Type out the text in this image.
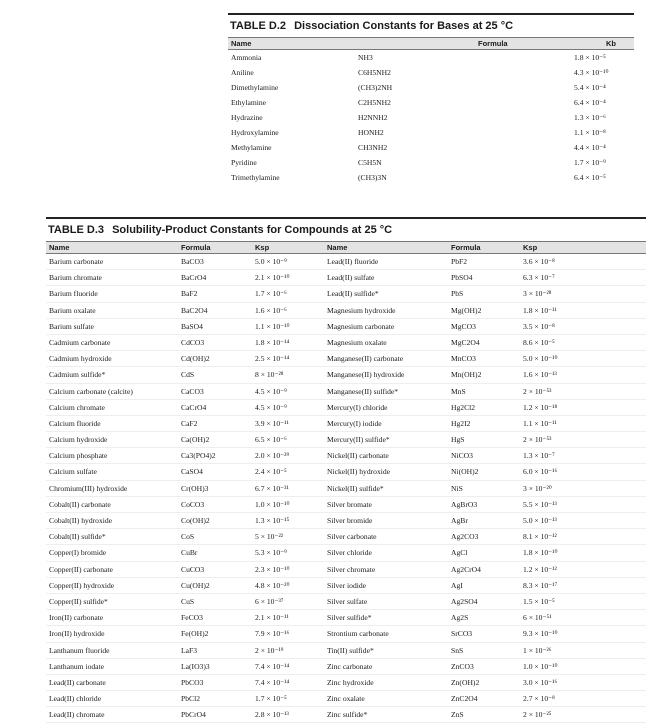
TABLE D.2 Dissociation Constants for Bases at 25 °C
Name	Formula	Kb
Ammonia	NH3	1.8 × 10⁻⁵
Aniline	C6H5NH2	4.3 × 10⁻¹⁰
Dimethylamine	(CH3)2NH	5.4 × 10⁻⁴
Ethylamine	C2H5NH2	6.4 × 10⁻⁴
Hydrazine	H2NNH2	1.3 × 10⁻⁶
Hydroxylamine	HONH2	1.1 × 10⁻⁸
Methylamine	CH3NH2	4.4 × 10⁻⁴
Pyridine	C5H5N	1.7 × 10⁻⁹
Trimethylamine	(CH3)3N	6.4 × 10⁻⁵
TABLE D.3 Solubility-Product Constants for Compounds at 25 °C
Name	Formula	Ksp	Name	Formula	Ksp
Barium carbonate	BaCO3	5.0 × 10⁻⁹	Lead(II) fluoride	PbF2	3.6 × 10⁻⁸
Barium chromate	BaCrO4	2.1 × 10⁻¹⁰	Lead(II) sulfate	PbSO4	6.3 × 10⁻⁷
Barium fluoride	BaF2	1.7 × 10⁻⁶	Lead(II) sulfide*	PbS	3 × 10⁻²⁸
Barium oxalate	BaC2O4	1.6 × 10⁻⁶	Magnesium hydroxide	Mg(OH)2	1.8 × 10⁻¹¹
Barium sulfate	BaSO4	1.1 × 10⁻¹⁰	Magnesium carbonate	MgCO3	3.5 × 10⁻⁸
Cadmium carbonate	CdCO3	1.8 × 10⁻¹⁴	Magnesium oxalate	MgC2O4	8.6 × 10⁻⁵
Cadmium hydroxide	Cd(OH)2	2.5 × 10⁻¹⁴	Manganese(II) carbonate	MnCO3	5.0 × 10⁻¹⁰
Cadmium sulfide*	CdS	8 × 10⁻²⁸	Manganese(II) hydroxide	Mn(OH)2	1.6 × 10⁻¹³
Calcium carbonate (calcite)	CaCO3	4.5 × 10⁻⁹	Manganese(II) sulfide*	MnS	2 × 10⁻⁵³
Calcium chromate	CaCrO4	4.5 × 10⁻⁹	Mercury(I) chloride	Hg2Cl2	1.2 × 10⁻¹⁸
Calcium fluoride	CaF2	3.9 × 10⁻¹¹	Mercury(I) iodide	Hg2I2	1.1 × 10⁻¹¹
Calcium hydroxide	Ca(OH)2	6.5 × 10⁻⁶	Mercury(II) sulfide*	HgS	2 × 10⁻⁵³
Calcium phosphate	Ca3(PO4)2	2.0 × 10⁻²⁹	Nickel(II) carbonate	NiCO3	1.3 × 10⁻⁷
Calcium sulfate	CaSO4	2.4 × 10⁻⁵	Nickel(II) hydroxide	Ni(OH)2	6.0 × 10⁻¹⁶
Chromium(III) hydroxide	Cr(OH)3	6.7 × 10⁻³¹	Nickel(II) sulfide*	NiS	3 × 10⁻²⁰
Cobalt(II) carbonate	CoCO3	1.0 × 10⁻¹⁰	Silver bromate	AgBrO3	5.5 × 10⁻¹³
Cobalt(II) hydroxide	Co(OH)2	1.3 × 10⁻¹⁵	Silver bromide	AgBr	5.0 × 10⁻¹³
Cobalt(II) sulfide*	CoS	5 × 10⁻²²	Silver carbonate	Ag2CO3	8.1 × 10⁻¹²
Copper(I) bromide	CuBr	5.3 × 10⁻⁹	Silver chloride	AgCl	1.8 × 10⁻¹⁰
Copper(II) carbonate	CuCO3	2.3 × 10⁻¹⁰	Silver chromate	Ag2CrO4	1.2 × 10⁻¹²
Copper(II) hydroxide	Cu(OH)2	4.8 × 10⁻²⁰	Silver iodide	AgI	8.3 × 10⁻¹⁷
Copper(II) sulfide*	CuS	6 × 10⁻³⁷	Silver sulfate	Ag2SO4	1.5 × 10⁻⁵
Iron(II) carbonate	FeCO3	2.1 × 10⁻¹¹	Silver sulfide*	Ag2S	6 × 10⁻⁵¹
Iron(II) hydroxide	Fe(OH)2	7.9 × 10⁻¹⁶	Strontium carbonate	SrCO3	9.3 × 10⁻¹⁰
Lanthanum fluoride	LaF3	2 × 10⁻¹⁹	Tin(II) sulfide*	SnS	1 × 10⁻²⁶
Lanthanum iodate	La(IO3)3	7.4 × 10⁻¹⁴	Zinc carbonate	ZnCO3	1.0 × 10⁻¹⁰
Lead(II) carbonate	PbCO3	7.4 × 10⁻¹⁴	Zinc hydroxide	Zn(OH)2	3.0 × 10⁻¹⁶
Lead(II) chloride	PbCl2	1.7 × 10⁻⁵	Zinc oxalate	ZnC2O4	2.7 × 10⁻⁸
Lead(II) chromate	PbCrO4	2.8 × 10⁻¹³	Zinc sulfide*	ZnS	2 × 10⁻²⁵
